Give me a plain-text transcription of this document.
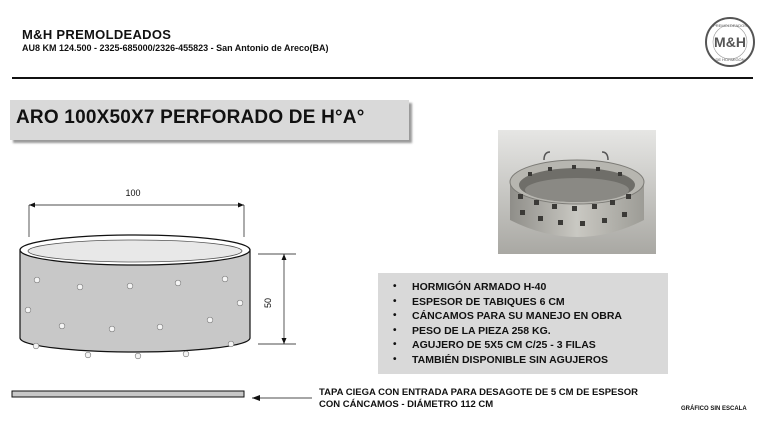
M&H PREMOLDEADOS
AU8 KM 124.500 - 2325-685000/2326-455823 - San Antonio de Areco(BA)	M&H
PREMOLDEADOS
DE HORMIGÓN
ARO 100X50X7 PERFORADO DE H°A°
100
50
• HORMIGÓN ARMADO H-40
• ESPESOR DE TABIQUES 6 CM
• CÁNCAMOS PARA SU MANEJO EN OBRA
• PESO DE LA PIEZA 258 KG.
• AGUJERO DE 5X5 CM C/25 - 3 FILAS
• TAMBIÉN DISPONIBLE SIN AGUJEROS
TAPA CIEGA CON ENTRADA PARA DESAGOTE DE 5 CM DE ESPESOR
CON CÁNCAMOS - DIÁMETRO 112 CM	GRÁFICO SIN ESCALA
